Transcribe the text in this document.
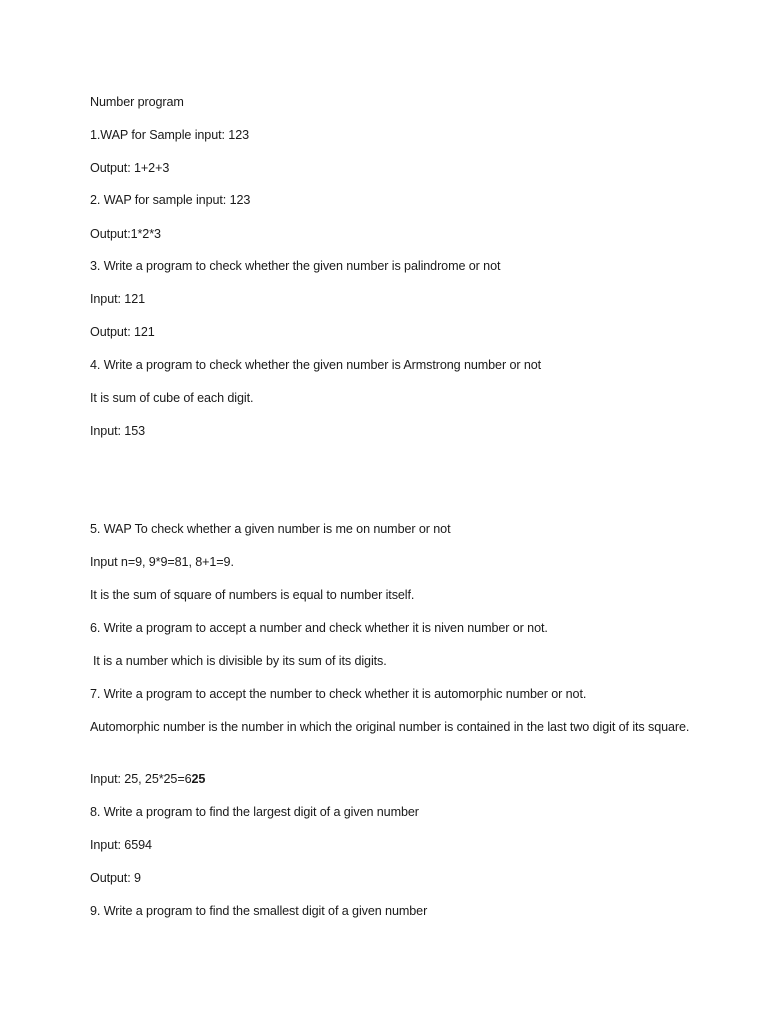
Number program
1.WAP for Sample input: 123
Output: 1+2+3
2. WAP for sample input: 123
Output:1*2*3
3. Write a program to check whether the given number is palindrome or not
Input: 121
Output: 121
4. Write a program to check whether the given number is Armstrong number or not
It is sum of cube of each digit.
Input: 153
5. WAP To check whether a given number is me on number or not
Input n=9, 9*9=81, 8+1=9.
It is the sum of square of numbers is equal to number itself.
6. Write a program to accept a number and check whether it is niven number or not.
It is a number which is divisible by its sum of its digits.
7. Write a program to accept the number to check whether it is automorphic number or not.
Automorphic number is the number in which the original number is contained in the last two digit of its square.
Input: 25, 25*25=625
8. Write a program to find the largest digit of a given number
Input: 6594
Output: 9
9. Write a program to find the smallest digit of a given number
